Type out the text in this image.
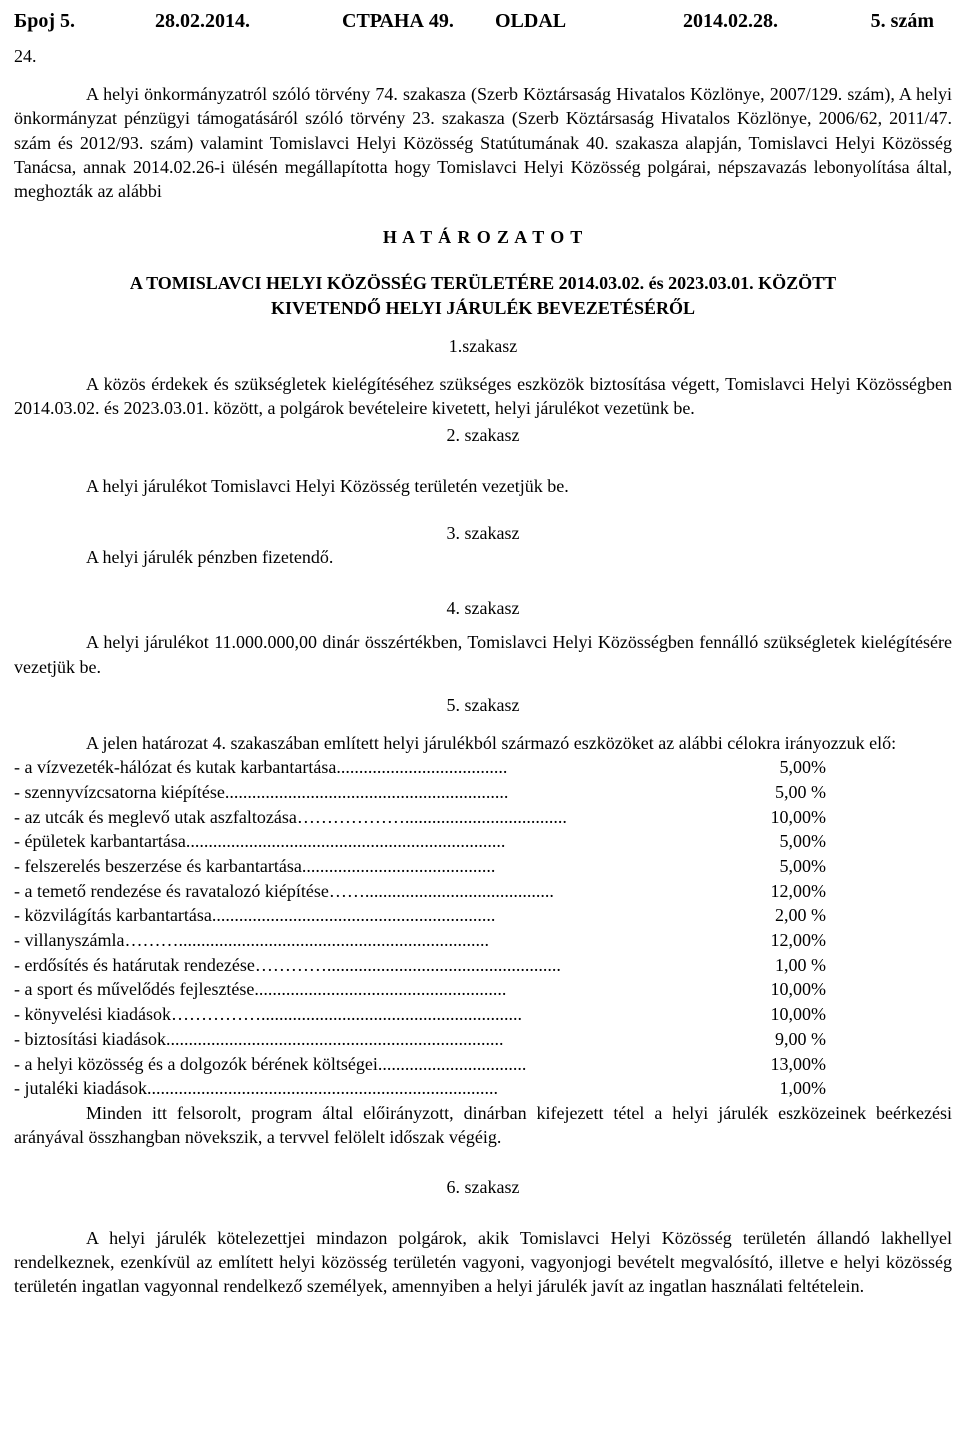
Број 5.	28.02.2014.	СТРАНА 49. OLDAL	2014.02.28.	5. szám

24.

A helyi önkormányzatról szóló törvény 74. szakasza (Szerb Köztársaság Hivatalos Közlönye, 2007/129. szám), A helyi önkormányzat pénzügyi támogatásáról szóló törvény 23. szakasza (Szerb Köztársaság Hivatalos Közlönye, 2006/62, 2011/47. szám és 2012/93. szám) valamint Tomislavci Helyi Közösség Statútumának 40. szakasza alapján, Tomislavci Helyi Közösség Tanácsa, annak 2014.02.26-i ülésén megállapította hogy Tomislavci Helyi Közösség polgárai, népszavazás lebonyolítása által, meghozták az alábbi

H A T Á R O Z A T O T

A TOMISLAVCI HELYI KÖZÖSSÉG TERÜLETÉRE 2014.03.02. és 2023.03.01. KÖZÖTT

KIVETENDŐ HELYI JÁRULÉK BEVEZETÉSÉRŐL

1.szakasz

A közös érdekek és szükségletek kielégítéséhez szükséges eszközök biztosítása végett, Tomislavci Helyi Közösségben 2014.03.02. és 2023.03.01. között, a polgárok bevételeire kivetett, helyi járulékot vezetünk be.

2. szakasz

A helyi járulékot Tomislavci Helyi Közösség területén vezetjük be.

3. szakasz

A helyi járulék pénzben fizetendő.

4. szakasz

A helyi járulékot 11.000.000,00 dinár összértékben, Tomislavci Helyi Közösségben fennálló szükségletek kielégítésére vezetjük be.

5. szakasz

A jelen határozat 4. szakaszában említett helyi járulékból származó eszközöket az alábbi célokra irányozzuk elő:

- a vízvezeték-hálózat és kutak karbantartása ......................................	5,00%
- szennyvízcsatorna kiépítése ...............................................................	5,00 %
- az utcák és meglevő utak aszfaltozása ………………....................................	10,00%
- épületek karbantartása .......................................................................	5,00%
- felszerelés beszerzése és karbantartása ...........................................	5,00%
- a temető rendezése és ravatalozó kiépítése ……..........................................	12,00%
- közvilágítás karbantartása ...............................................................	2,00 %
- villanyszámla ……….....................................................................	12,00%
- erdősítés és határutak rendezése …………....................................................	1,00 %
- a sport és művelődés fejlesztése ........................................................	10,00%
- könyvelési kiadások ……………..........................................................	10,00%
- biztosítási kiadások ...........................................................................	9,00 %
- a helyi közösség és a dolgozók bérének költségei .................................	13,00%
- jutaléki kiadások ..............................................................................	1,00%

Minden itt felsorolt, program által előirányzott, dinárban kifejezett tétel a helyi járulék eszközeinek beérkezési arányával összhangban növekszik, a tervvel felölelt időszak végéig.

6. szakasz

A helyi járulék kötelezettjei mindazon polgárok, akik Tomislavci Helyi Közösség területén állandó lakhellyel rendelkeznek, ezenkívül az említett helyi közösség területén vagyoni, vagyonjogi bevételt megvalósító, illetve e helyi közösség területén ingatlan vagyonnal rendelkező személyek, amennyiben a helyi járulék javít az ingatlan használati feltételein.
